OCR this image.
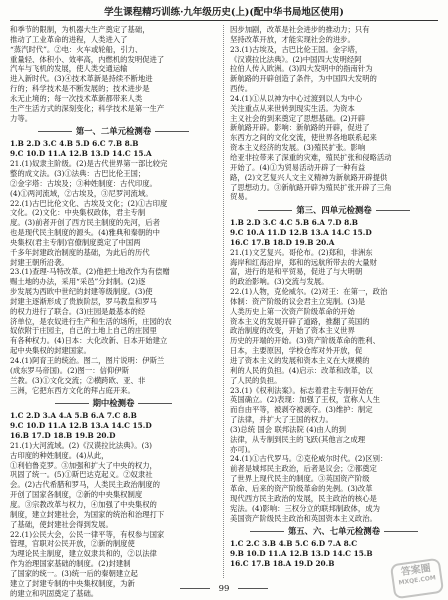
学生课程精巧训练·九年级历史(上)(配中华书局地区使用)
和季节的限制，为机器大生产奠定了基础，
推动了工业革命的进程，人类进入了
“蒸汽时代”。②电：火车或轮船，引力、
重量轻、体积小、效率高，内燃机的发明促进了
汽车与飞机的发展，使人类交通运输
进入新时代。(3)④技术革新是持续不断地进
行的；科学技术是不断发展的；技术进步是
永无止境的；每一次技术革新都带来人类
生产生活方式的深刻变化；科学技术是第一生产
力等。
第一、二单元检测卷
1.B 2.D 3.C 4.B 5.D 6.C 7.B 8.B
9.C 10.D 11.A 12.B 13.D 14.C 15.A
21.(1)奴隶主阶级。(2)是古代世界第一部比较完
整的成文法。(3)①法典：古巴比伦王国；
②金字塔：古埃及；③种姓制度：古代印度。
(4)①两河流域，②古埃及，③尼罗河流域。
22.(1)古巴比伦文化、古埃及文化；(2)①古印度
文化。(2)文化：中央集权政体，君主专制
度。(3)前者开创了西方民主制度的先河，后者
也是现代民主制度的源头。(4)雅典和秦朝的中
央集权(君主专制)官僚制度奠定了中国两
千多年封建政治制度的基础，为此后的历代
封建王朝所沿袭。
23.(1)查理·马特改革。(2)他把土地改作为有偿赠
赐土地的办法，采用“采邑”分封制。(2)逐
步发展为西欧中世纪的封建等级制度。(3)使
封建主逐渐形成了贵族阶层，罗马教皇和罗马
的权力进行了联合。(3)庄园是最基本的经
济单位，是农奴进行生产和生活的场所，庄园的农
奴依附于庄园主，自己的土地上自己的庄园里
有各种权力。(4)日本：大化改新、日本开始建立
起中央集权的封建国家。
24.(1)阿育王的统治。图二，图片说明：伊斯兰
(成东罗马帝国)。(2)图一：信仰伊斯
兰教。(3)①文化交流；②横跨欧、亚、非
三洲，它把东西方文化的拜占庭开来。
期中检测卷
1.C 2.D 3.A 4.A 5.B 6.A 7.C 8.B
9.C 10.D 11.A 12.B 13.A 14.C 15.D
16.B 17.D 18.B 19.B 20.D
21.(1)大河流域。(2)《汉谟拉比法典》。(3)
古印度的种姓制度。(4)从此，
①利伯鲁克罗。③加强和扩大了中央的权力，
巩固了统一。(5)①斯巴达克起义。②奴隶社
会。(2)古代希腊和罗马，人类民主政治制度的
开创了国家各制度，②新的中央集权制度
度。③宗教改革与权力，④加强了中央集权的
制度，建立封建社会，为国家的统治和治理打下
了基础，使封建社会得到发展。
22.(1)公民大会，公民一律平等，有权参与国家
管理，官职对公民开放，②新的制度使
为理论民主制度，建立奴隶共和的，②以法律
作为治理国家基础的制度。(2)封建制
了国家的统一。(3)统一后的秦朝建立起
建立了封建专制的中央集权制度，为新
的建立和巩固奠定了基础。
因步加剧，改革是社会进步的推动力；只有
坚持改革开放，才能实现社会的进步。
23.(1)古埃及，古巴比伦王国。金字塔，
《汉谟拉比法典》。(2)中国四大发明经阿
拉伯人传入欧洲。(3)四大发明中的指南针为
新航路的开辟创造了条件，为中国四大发明的
西传。
24.(1)①从以神为中心过渡到以人为中心
关注重点从来世转到现实生活。为资本
主义社会的到来奠定了思想基础。(2)开辟
新航路开辟。影响：新航路的开辟，促进了
东西方之间的文化交流，使世界各地联系起来
资本主义经济的发展。(3)殖民扩张。影响
给亚非拉带来了深重的灾难，殖民扩张和侵略活动
开始了。(4)①为贸易活动开辟了一种有益
路，(2)文艺复兴人文主义精神为新航路开辟提供
了思想动力。③新航路开辟为殖民扩张开辟了三角
贸易。
第三、四单元检测卷
1.B 2.D 3.C 4.C 5.B 6.A 7.D 8.B
9.C 10.A 11.D 12.B 13.A 14.C 15.D
16.C 17.B 18.D 19.B 20.A
21.(1)文艺复兴。哥伦布。(2)郑和，非洲东
海岸和红海沿岸，郑和的远航所带去的大量财
富，进行的是和平贸易，促进了与大明朝
的政治影响。(3)交流与发展。
22.(1)人物，克伦威尔。(2)对王：在第一，政治
体制：资产阶级的议会君主立宪制。(3)是
人类历史上第一次资产阶级革命的开始
资本主义的发展开辟了道路，推翻了英国的
政治制度的改变，开始了资本主义世界
历史的开端的开始。(3)资产阶级革命的胜利、
日本，主要原因，学校仓库对外开放，促
进了资本主义的发展和资本主义在大规模的
利的人民的负担。(4)启示：改革和改革，以
了人民的负担。
23.(1)《权利法案》。标志着君主专制开始在
英国确立。(2)表现：加强了王权，宣称人人生
而自由平等，被剥夺被剥夺。(3)维护：制定
了法律，并扩大了王国的权力。
(3)总统 国会 联邦法院 (4)由人的到
法律，从专制到民主的飞跃(其他言之成理
亦可)。
24.(1)①古代罗马。②克伦威尔时代。(2)区别：
前者是城邦民主政治，后者是议会；②都奠定
了世界上现代民主的制度。③英国资产阶级
革命、后来的资产阶级革命的先例。(3)改革
现代西方民主政治的发展，民主政治的核心是
宪法。(4)影响：三权分立的联邦制政体，成为
美国资产阶级民主政治和英国资本主义政治。
第五、六、七单元检测卷
1.C 2.C 3.B 4.B 5.C 6.D 7.A 8.C
9.B 10.D 11.A 12.B 13.D 14.C 15.B
16.C 17.B 18.A 19.D 20.B
99
答案圈
MXQE.COM
